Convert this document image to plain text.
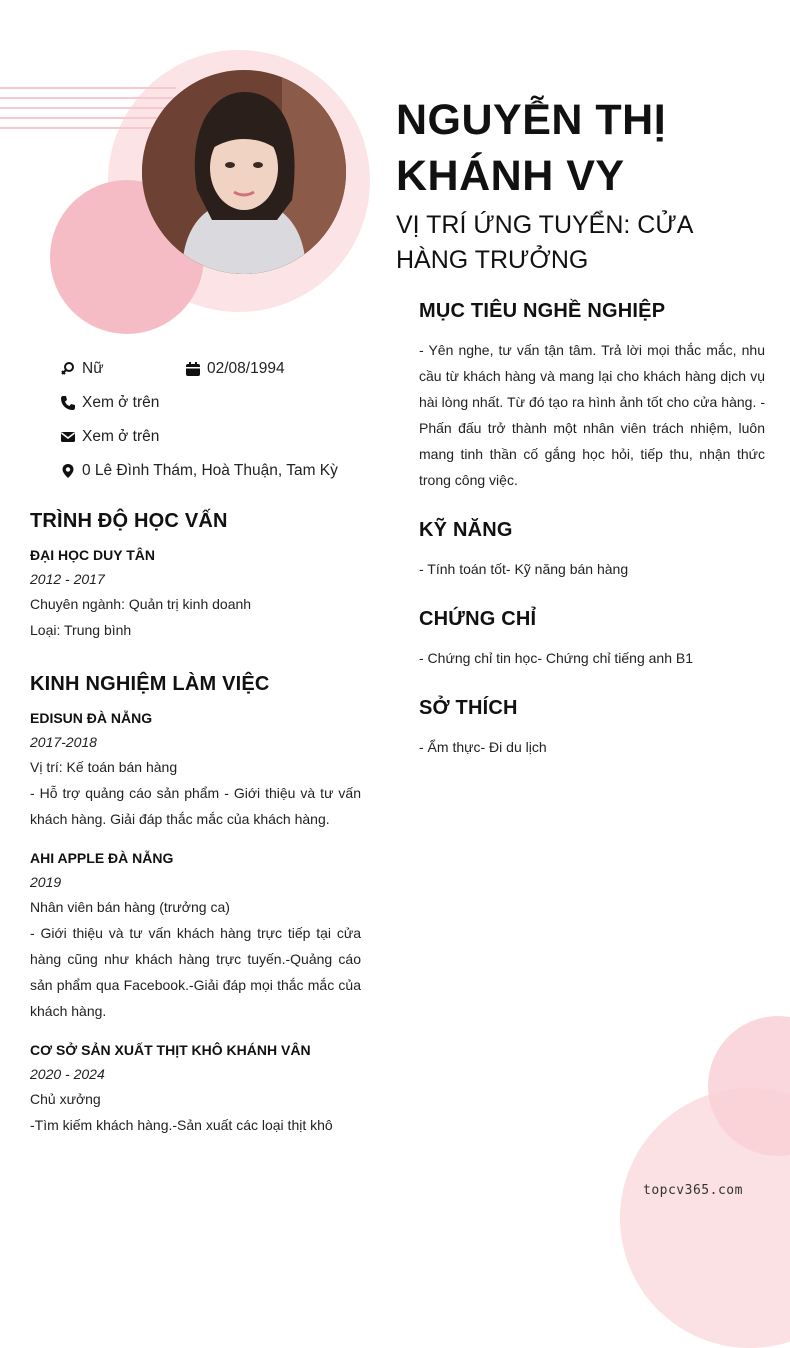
NGUYỄN THỊ KHÁNH VY
VỊ TRÍ ỨNG TUYỂN: CỬA HÀNG TRƯỞNG
Nữ	02/08/1994
Xem ở trên
Xem ở trên
0 Lê Đình Thám, Hoà Thuận, Tam Kỳ
TRÌNH ĐỘ HỌC VẤN
ĐẠI HỌC DUY TÂN
2012 - 2017
Chuyên ngành: Quản trị kinh doanh
Loại: Trung bình
KINH NGHIỆM LÀM VIỆC
EDISUN ĐÀ NẴNG
2017-2018
Vị trí: Kế toán bán hàng
- Hỗ trợ quảng cáo sản phẩm - Giới thiệu và tư vấn khách hàng. Giải đáp thắc mắc của khách hàng.
AHI APPLE ĐÀ NẴNG
2019
Nhân viên bán hàng (trưởng ca)
- Giới thiệu và tư vấn khách hàng trực tiếp tại cửa hàng cũng như khách hàng trực tuyến.-Quảng cáo sản phẩm qua Facebook.-Giải đáp mọi thắc mắc của khách hàng.
CƠ SỞ SẢN XUẤT THỊT KHÔ KHÁNH VÂN
2020 - 2024
Chủ xưởng
-Tìm kiếm khách hàng.-Sản xuất các loại thịt khô
MỤC TIÊU NGHỀ NGHIỆP
- Yên nghe, tư vấn tận tâm. Trả lời mọi thắc mắc, nhu cầu từ khách hàng và mang lại cho khách hàng dịch vụ hài lòng nhất. Từ đó tạo ra hình ảnh tốt cho cửa hàng. - Phấn đấu trở thành một nhân viên trách nhiệm, luôn mang tinh thần cố gắng học hỏi, tiếp thu, nhận thức trong công việc.
KỸ NĂNG
- Tính toán tốt- Kỹ năng bán hàng
CHỨNG CHỈ
- Chứng chỉ tin học- Chứng chỉ tiếng anh B1
SỞ THÍCH
- Ẩm thực- Đi du lịch
topcv365.com
